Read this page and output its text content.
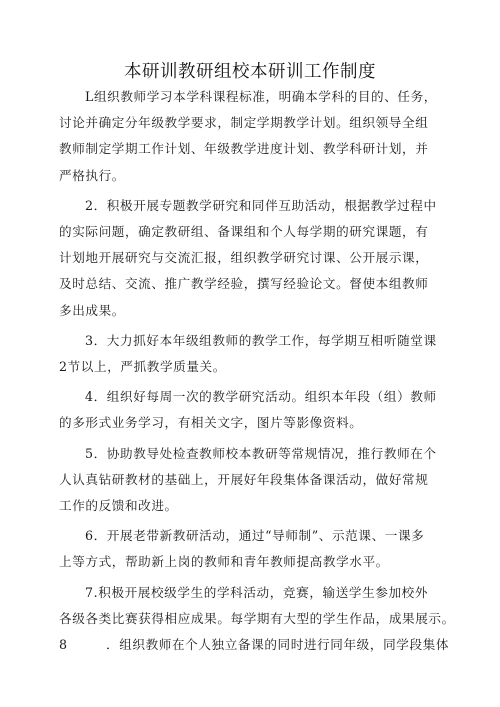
本研训教研组校本研训工作制度

L组织教师学习本学科课程标准，明确本学科的目的、任务，
讨论并确定分年级教学要求，制定学期教学计划。组织领导全组
教师制定学期工作计划、年级教学进度计划、教学科研计划，并
严格执行。

2．积极开展专题教学研究和同伴互助活动，根据教学过程中
的实际问题，确定教研组、备课组和个人每学期的研究课题，有
计划地开展研究与交流汇报，组织教学研究讨课、公开展示课，
及时总结、交流、推广教学经验，撰写经验论文。督使本组教师
多出成果。

3．大力抓好本年级组教师的教学工作，每学期互相听随堂课
2节以上，严抓教学质量关。

4．组织好每周一次的教学研究活动。组织本年段（组）教师
的多形式业务学习，有相关文字，图片等影像资料。

5．协助教导处检查教师校本教研等常规情况，推行教师在个
人认真钻研教材的基础上，开展好年段集体备课活动，做好常规
工作的反馈和改进。

6．开展老带新教研活动，通过“导师制”、示范课、一课多
上等方式，帮助新上岗的教师和青年教师提高教学水平。

7.积极开展校级学生的学科活动，竞赛，输送学生参加校外
各级各类比赛获得相应成果。每学期有大型的学生作品，成果展示。

8	．组织教师在个人独立备课的同时进行同年级，同学段集体
